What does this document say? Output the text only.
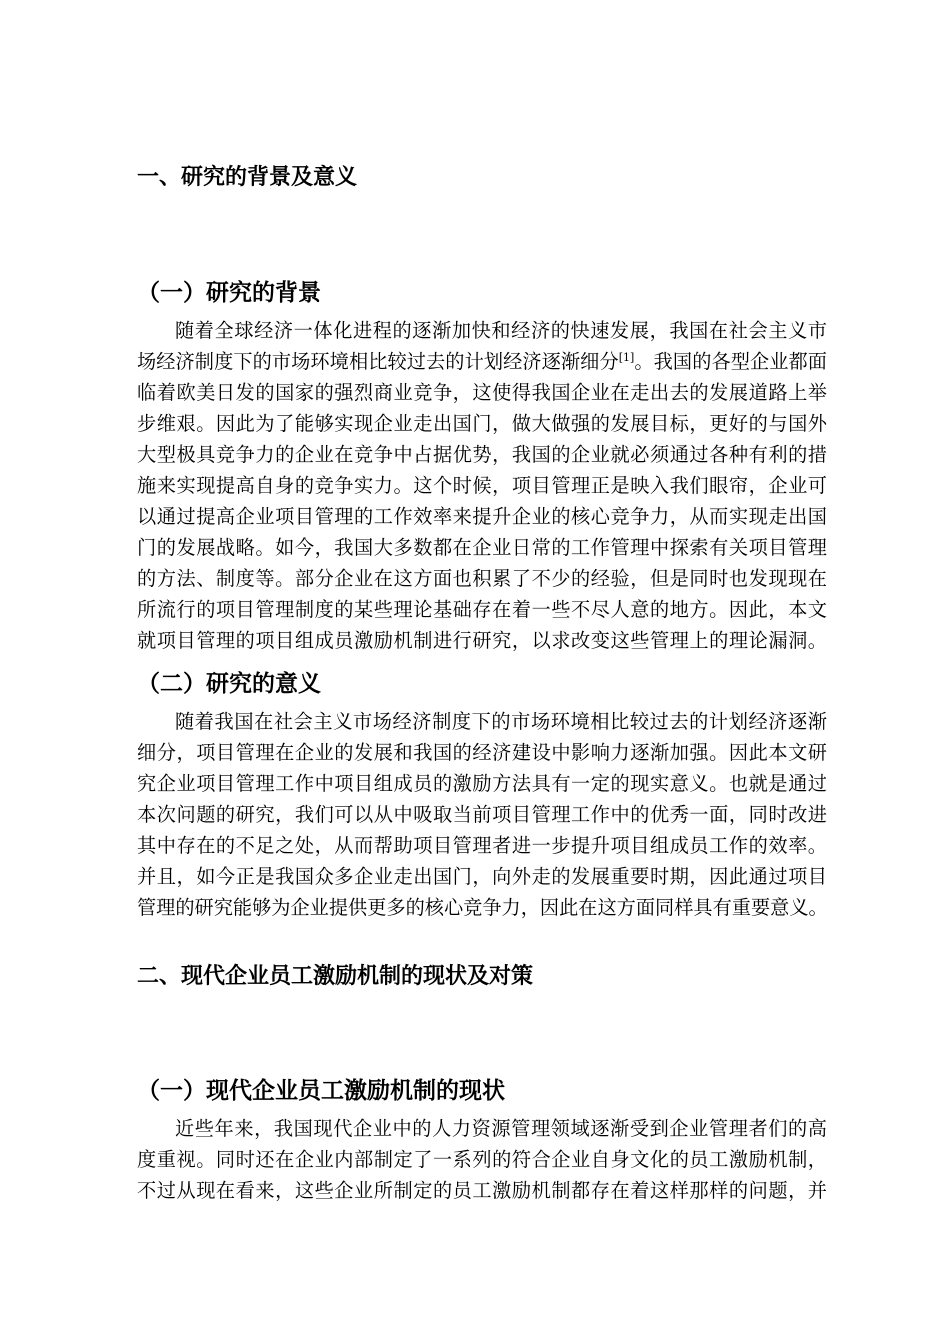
一、研究的背景及意义
（一）研究的背景
随着全球经济一体化进程的逐渐加快和经济的快速发展，我国在社会主义市
场经济制度下的市场环境相比较过去的计划经济逐渐细分[1]。我国的各型企业都面
临着欧美日发的国家的强烈商业竞争，这使得我国企业在走出去的发展道路上举
步维艰。因此为了能够实现企业走出国门，做大做强的发展目标，更好的与国外
大型极具竞争力的企业在竞争中占据优势，我国的企业就必须通过各种有利的措
施来实现提高自身的竞争实力。这个时候，项目管理正是映入我们眼帘，企业可
以通过提高企业项目管理的工作效率来提升企业的核心竞争力，从而实现走出国
门的发展战略。如今，我国大多数都在企业日常的工作管理中探索有关项目管理
的方法、制度等。部分企业在这方面也积累了不少的经验，但是同时也发现现在
所流行的项目管理制度的某些理论基础存在着一些不尽人意的地方。因此，本文
就项目管理的项目组成员激励机制进行研究，以求改变这些管理上的理论漏洞。
（二）研究的意义
随着我国在社会主义市场经济制度下的市场环境相比较过去的计划经济逐渐
细分，项目管理在企业的发展和我国的经济建设中影响力逐渐加强。因此本文研
究企业项目管理工作中项目组成员的激励方法具有一定的现实意义。也就是通过
本次问题的研究，我们可以从中吸取当前项目管理工作中的优秀一面，同时改进
其中存在的不足之处，从而帮助项目管理者进一步提升项目组成员工作的效率。
并且，如今正是我国众多企业走出国门，向外走的发展重要时期，因此通过项目
管理的研究能够为企业提供更多的核心竞争力，因此在这方面同样具有重要意义。
二、现代企业员工激励机制的现状及对策
（一）现代企业员工激励机制的现状
近些年来，我国现代企业中的人力资源管理领域逐渐受到企业管理者们的高
度重视。同时还在企业内部制定了一系列的符合企业自身文化的员工激励机制，
不过从现在看来，这些企业所制定的员工激励机制都存在着这样那样的问题，并
